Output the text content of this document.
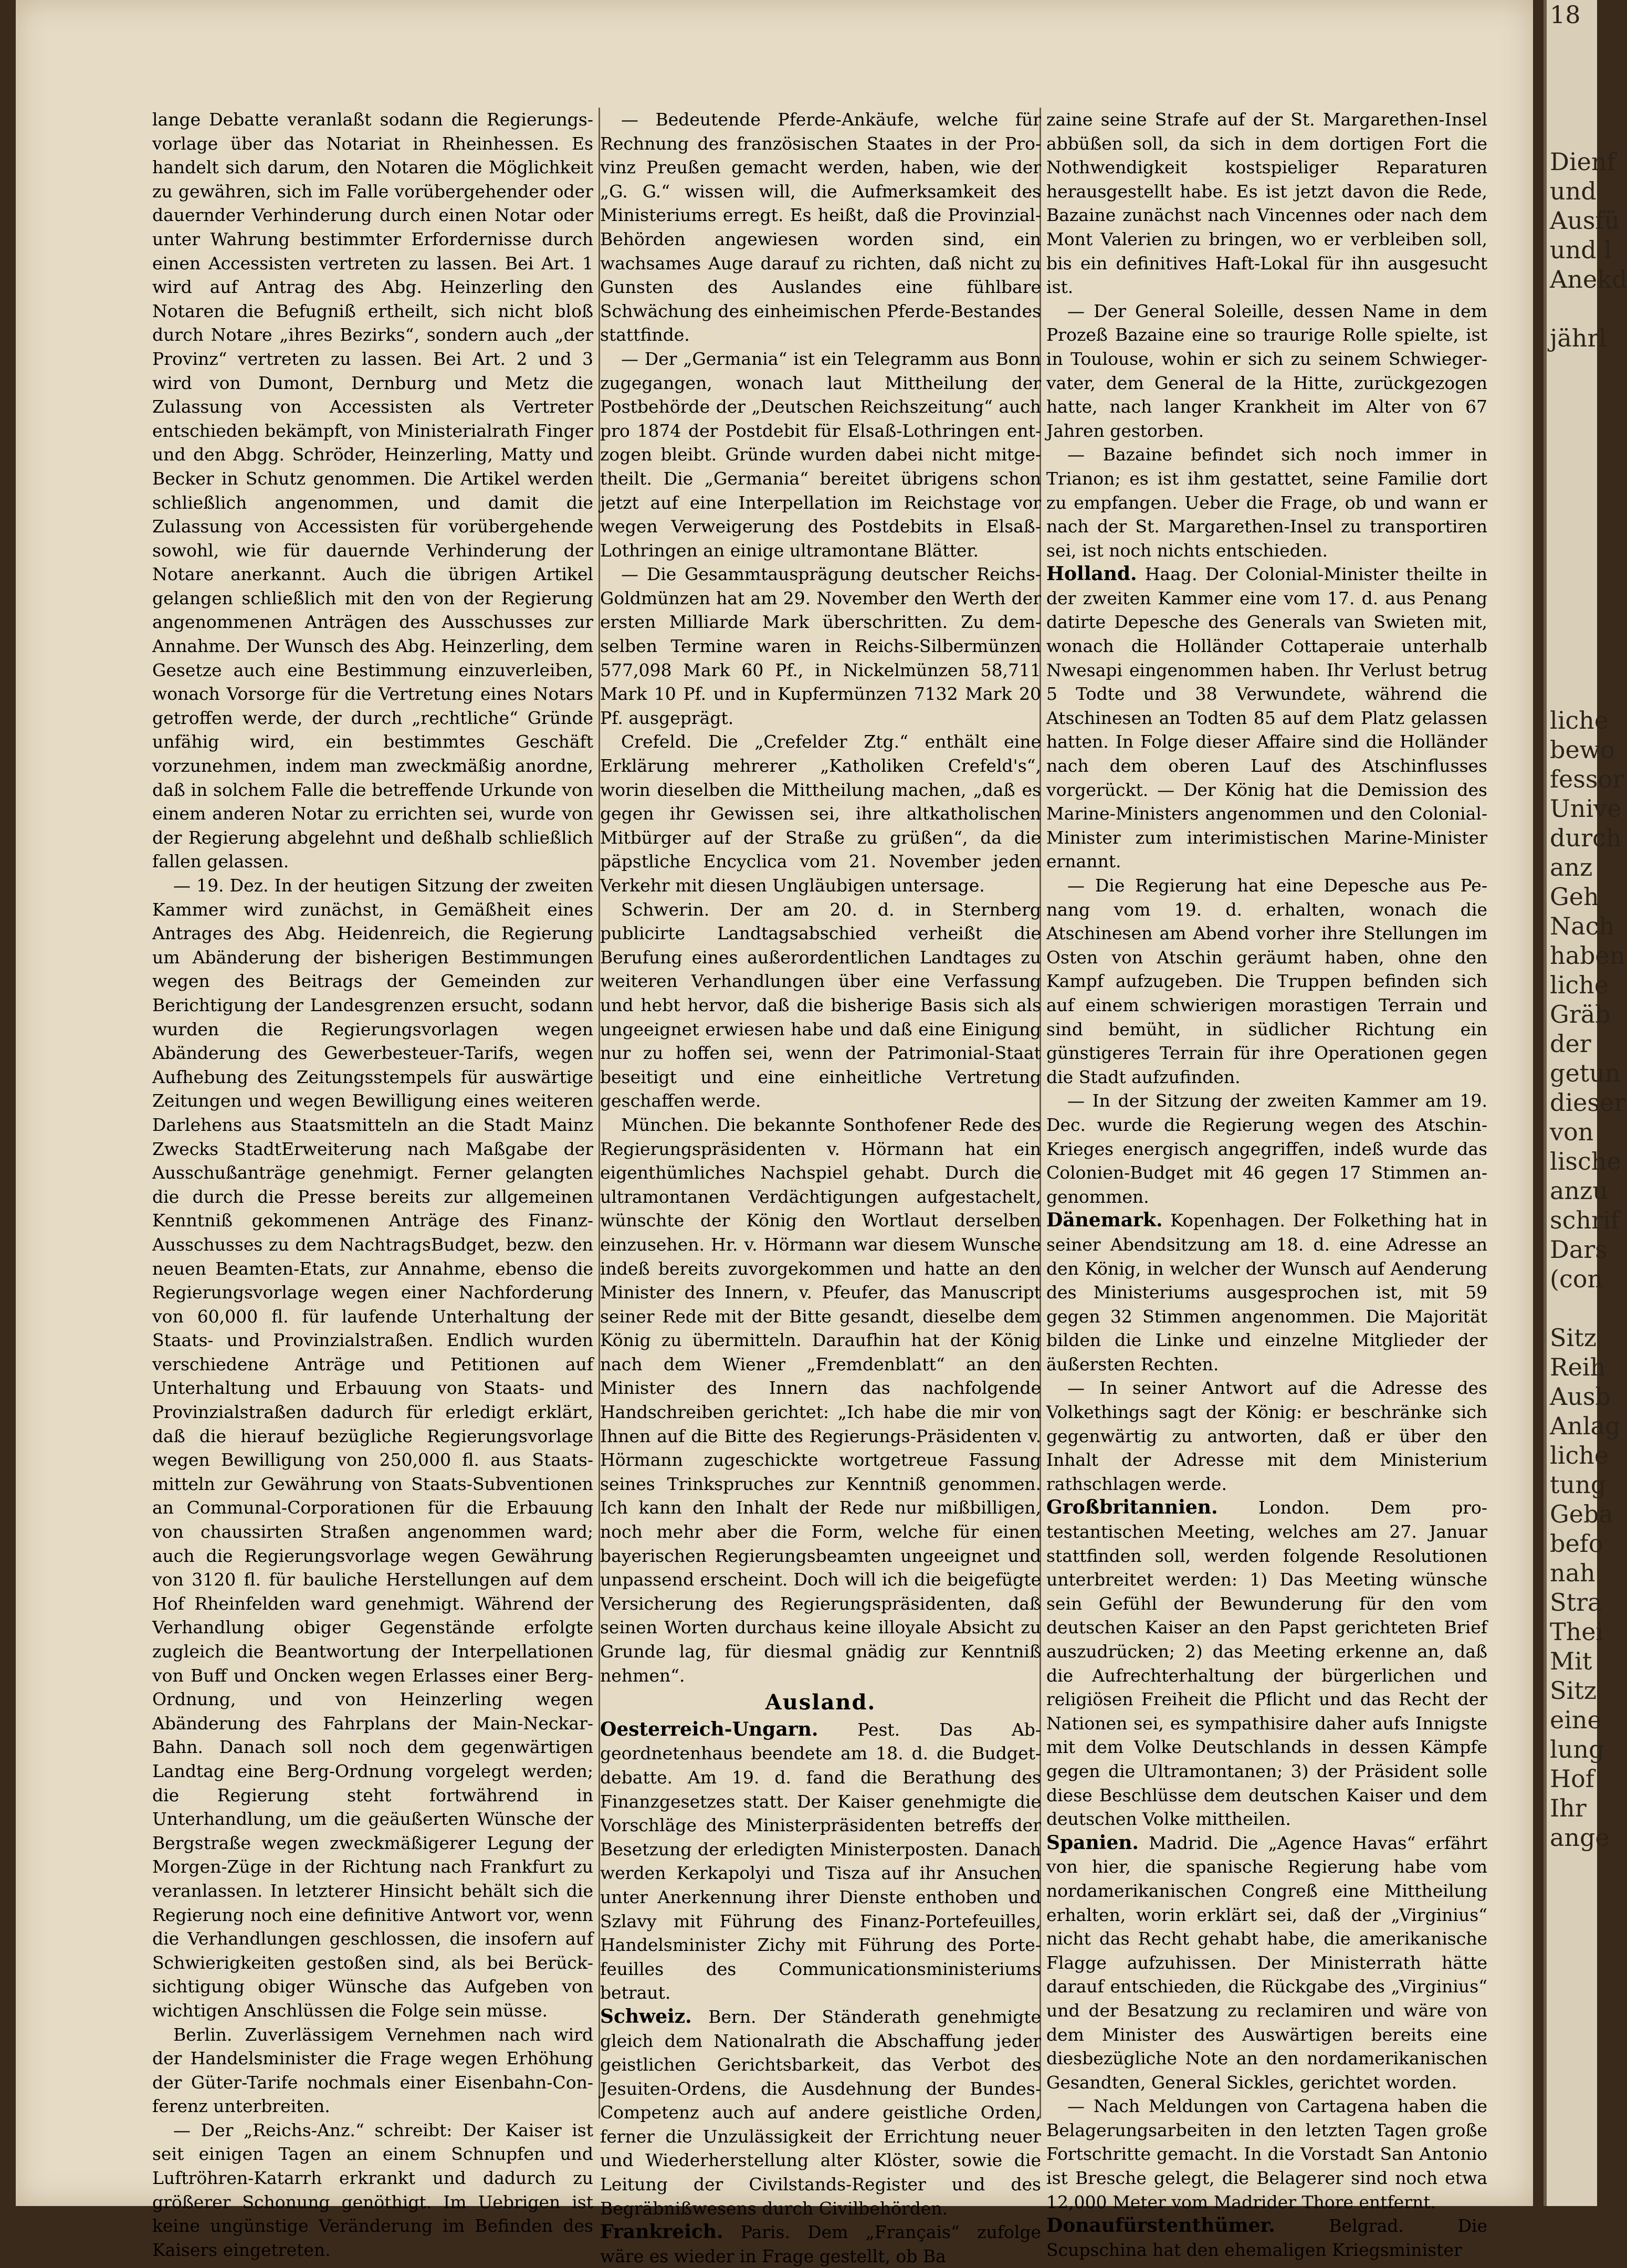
lange Debatte veranlaßt sodann die Regierungsvorlage über das Notariat in Rheinhessen. Es handelt sich darum, den Notaren die Möglichkeit zu gewähren, sich im Falle vorübergehender oder dauernder Verhinderung durch einen Notar oder unter Wahrung bestimmter Erfordernisse durch einen Accessisten vertreten zu lassen. Bei Art. 1 wird auf Antrag des Abg. Heinzerling den Notaren die Befugniß ertheilt, sich nicht bloß durch Notare „ihres Bezirks“, sondern auch „der Provinz“ vertreten zu lassen. Bei Art. 2 und 3 wird von Dumont, Dernburg und Metz die Zulassung von Accessisten als Vertreter entschieden bekämpft, von Ministerialrath Finger und den Abgg. Schröder, Heinzerling, Matty und Becker in Schutz genommen. Die Artikel werden schließlich angenommen, und damit die Zulassung von Accessisten für vorübergehende sowohl, wie für dauernde Verhinderung der Notare anerkannt. Auch die übrigen Artikel gelangen schließlich mit den von der Regierung angenommenen Anträgen des Ausschusses zur Annahme. Der Wunsch des Abg. Heinzerling, dem Gesetze auch eine Bestimmung einzuverleiben, wonach Vorsorge für die Vertretung eines Notars getroffen werde, der durch „rechtliche“ Gründe unfähig wird, ein bestimmtes Geschäft vorzunehmen, indem man zweckmäßig anordne, daß in solchem Falle die betreffende Urkunde von einem anderen Notar zu errichten sei, wurde von der Regierung abgelehnt und deßhalb schließlich fallen gelassen.

— 19. Dez. In der heutigen Sitzung der zweiten Kammer wird zunächst, in Gemäßheit eines Antrages des Abg. Heidenreich, die Regierung um Abänderung der bisherigen Bestimmungen wegen des Beitrags der Gemeinden zur Berichtigung der Landesgrenzen ersucht, sodann wurden die Regierungsvorlagen wegen Abänderung des Gewerbesteuer-Tarifs, wegen Aufhebung des Zeitungsstempels für auswärtige Zeitungen und wegen Bewilligung eines weiteren Darlehens aus Staatsmitteln an die Stadt Mainz Zwecks StadtErweiterung nach Maßgabe der Ausschußanträge genehmigt. Ferner gelangten die durch die Presse bereits zur allgemeinen Kenntniß gekommenen Anträge des Finanz-Ausschusses zu dem NachtragsBudget, bezw. den neuen Beamten-Etats, zur Annahme, ebenso die Regierungsvorlage wegen einer Nachforderung von 60,000 fl. für laufende Unterhaltung der Staats- und Provinzialstraßen. Endlich wurden verschiedene Anträge und Petitionen auf Unterhaltung und Erbauung von Staats- und Provinzialstraßen dadurch für erledigt erklärt, daß die hierauf bezügliche Regierungsvorlage wegen Bewilligung von 250,000 fl. aus Staatsmitteln zur Gewährung von Staats-Subventionen an Communal-Corporationen für die Erbauung von chaussirten Straßen angenommen ward; auch die Regierungsvorlage wegen Gewährung von 3120 fl. für bauliche Herstellungen auf dem Hof Rheinfelden ward genehmigt. Während der Verhandlung obiger Gegenstände erfolgte zugleich die Beantwortung der Interpellationen von Buff und Oncken wegen Erlasses einer Berg-Ordnung, und von Heinzerling wegen Abänderung des Fahrplans der Main-Neckar-Bahn. Danach soll noch dem gegenwärtigen Landtag eine Berg-Ordnung vorgelegt werden; die Regierung steht fortwährend in Unterhandlung, um die geäußerten Wünsche der Bergstraße wegen zweckmäßigerer Legung der Morgen-Züge in der Richtung nach Frankfurt zu veranlassen. In letzterer Hinsicht behält sich die Regierung noch eine definitive Antwort vor, wenn die Verhandlungen geschlossen, die insofern auf Schwierigkeiten gestoßen sind, als bei Berücksichtigung obiger Wünsche das Aufgeben von wichtigen Anschlüssen die Folge sein müsse.

Berlin. Zuverlässigem Vernehmen nach wird der Handelsminister die Frage wegen Erhöhung der Güter-Tarife nochmals einer Eisenbahn-Conferenz unterbreiten.

— Der „Reichs-Anz.“ schreibt: Der Kaiser ist seit einigen Tagen an einem Schnupfen und Luftröhren-Katarrh erkrankt und dadurch zu größerer Schonung genöthigt. Im Uebrigen ist keine ungünstige Veränderung im Befinden des Kaisers eingetreten.

— Bedeutende Pferde-Ankäufe, welche für Rechnung des französischen Staates in der Provinz Preußen gemacht werden, haben, wie der „G. G.“ wissen will, die Aufmerksamkeit des Ministeriums erregt. Es heißt, daß die ProvinzialBehörden angewiesen worden sind, ein wachsames Auge darauf zu richten, daß nicht zu Gunsten des Auslandes eine fühlbare Schwächung des einheimischen Pferde-Bestandes stattfinde.

— Der „Germania“ ist ein Telegramm aus Bonn zugegangen, wonach laut Mittheilung der Postbehörde der „Deutschen Reichszeitung“ auch pro 1874 der Postdebit für Elsaß-Lothringen entzogen bleibt. Gründe wurden dabei nicht mitgetheilt. Die „Germania“ bereitet übrigens schon jetzt auf eine Interpellation im Reichstage vor wegen Verweigerung des Postdebits in ElsaßLothringen an einige ultramontane Blätter.

— Die Gesammtausprägung deutscher ReichsGoldmünzen hat am 29. November den Werth der ersten Milliarde Mark überschritten. Zu demselben Termine waren in Reichs-Silbermünzen 577,098 Mark 60 Pf., in Nickelmünzen 58,711 Mark 10 Pf. und in Kupfermünzen 7132 Mark 20 Pf. ausgeprägt.

Crefeld. Die „Crefelder Ztg.“ enthält eine Erklärung mehrerer „Katholiken Crefeld's“, worin dieselben die Mittheilung machen, „daß es gegen ihr Gewissen sei, ihre altkatholischen Mitbürger auf der Straße zu grüßen“, da die päpstliche Encyclica vom 21. November jeden Verkehr mit diesen Ungläubigen untersage.

Schwerin. Der am 20. d. in Sternberg publicirte Landtagsabschied verheißt die Berufung eines außerordentlichen Landtages zu weiteren Verhandlungen über eine Verfassung und hebt hervor, daß die bisherige Basis sich als ungeeignet erwiesen habe und daß eine Einigung nur zu hoffen sei, wenn der Patrimonial-Staat beseitigt und eine einheitliche Vertretung geschaffen werde.

München. Die bekannte Sonthofener Rede des Regierungspräsidenten v. Hörmann hat ein eigenthümliches Nachspiel gehabt. Durch die ultramontanen Verdächtigungen aufgestachelt, wünschte der König den Wortlaut derselben einzusehen. Hr. v. Hörmann war diesem Wunsche indeß bereits zuvorgekommen und hatte an den Minister des Innern, v. Pfeufer, das Manuscript seiner Rede mit der Bitte gesandt, dieselbe dem König zu übermitteln. Daraufhin hat der König nach dem Wiener „Fremdenblatt“ an den Minister des Innern das nachfolgende Handschreiben gerichtet: „Ich habe die mir von Ihnen auf die Bitte des Regierungs-Präsidenten v. Hörmann zugeschickte wortgetreue Fassung seines Trinkspruches zur Kenntniß genommen. Ich kann den Inhalt der Rede nur mißbilligen, noch mehr aber die Form, welche für einen bayerischen Regierungsbeamten ungeeignet und unpassend erscheint. Doch will ich die beigefügte Versicherung des Regierungspräsidenten, daß seinen Worten durchaus keine illoyale Absicht zu Grunde lag, für diesmal gnädig zur Kenntniß nehmen“.

Ausland.

Oesterreich-Ungarn. Pest. Das Abgeordnetenhaus beendete am 18. d. die Budgetdebatte. Am 19. d. fand die Berathung des Finanzgesetzes statt. Der Kaiser genehmigte die Vorschläge des Ministerpräsidenten betreffs der Besetzung der erledigten Ministerposten. Danach werden Kerkapolyi und Tisza auf ihr Ansuchen unter Anerkennung ihrer Dienste enthoben und Szlavy mit Führung des Finanz-Portefeuilles, Handelsminister Zichy mit Führung des Portefeuilles des Communicationsministeriums betraut.

Schweiz. Bern. Der Ständerath genehmigte gleich dem Nationalrath die Abschaffung jeder geistlichen Gerichtsbarkeit, das Verbot des Jesuiten-Ordens, die Ausdehnung der BundesCompetenz auch auf andere geistliche Orden, ferner die Unzulässigkeit der Errichtung neuer und Wiederherstellung alter Klöster, sowie die Leitung der Civilstands-Register und des Begräbnißwesens durch Civilbehörden.

Frankreich. Paris. Dem „Français“ zufolge wäre es wieder in Frage gestellt, ob Ba

zaine seine Strafe auf der St. Margarethen-Insel abbüßen soll, da sich in dem dortigen Fort die Nothwendigkeit kostspieliger Reparaturen herausgestellt habe. Es ist jetzt davon die Rede, Bazaine zunächst nach Vincennes oder nach dem Mont Valerien zu bringen, wo er verbleiben soll, bis ein definitives Haft-Lokal für ihn ausgesucht ist.

— Der General Soleille, dessen Name in dem Prozeß Bazaine eine so traurige Rolle spielte, ist in Toulouse, wohin er sich zu seinem Schwiegervater, dem General de la Hitte, zurückgezogen hatte, nach langer Krankheit im Alter von 67 Jahren gestorben.

— Bazaine befindet sich noch immer in Trianon; es ist ihm gestattet, seine Familie dort zu empfangen. Ueber die Frage, ob und wann er nach der St. Margarethen-Insel zu transportiren sei, ist noch nichts entschieden.

Holland. Haag. Der Colonial-Minister theilte in der zweiten Kammer eine vom 17. d. aus Penang datirte Depesche des Generals van Swieten mit, wonach die Holländer Cottaperaie unterhalb Nwesapi eingenommen haben. Ihr Verlust betrug 5 Todte und 38 Verwundete, während die Atschinesen an Todten 85 auf dem Platz gelassen hatten. In Folge dieser Affaire sind die Holländer nach dem oberen Lauf des Atschinflusses vorgerückt. — Der König hat die Demission des Marine-Ministers angenommen und den ColonialMinister zum interimistischen Marine-Minister ernannt.

— Die Regierung hat eine Depesche aus Penang vom 19. d. erhalten, wonach die Atschinesen am Abend vorher ihre Stellungen im Osten von Atschin geräumt haben, ohne den Kampf aufzugeben. Die Truppen befinden sich auf einem schwierigen morastigen Terrain und sind bemüht, in südlicher Richtung ein günstigeres Terrain für ihre Operationen gegen die Stadt aufzufinden.

— In der Sitzung der zweiten Kammer am 19. Dec. wurde die Regierung wegen des AtschinKrieges energisch angegriffen, indeß wurde das Colonien-Budget mit 46 gegen 17 Stimmen angenommen.

Dänemark. Kopenhagen. Der Folkething hat in seiner Abendsitzung am 18. d. eine Adresse an den König, in welcher der Wunsch auf Aenderung des Ministeriums ausgesprochen ist, mit 59 gegen 32 Stimmen angenommen. Die Majorität bilden die Linke und einzelne Mitglieder der äußersten Rechten.

— In seiner Antwort auf die Adresse des Volkethings sagt der König: er beschränke sich gegenwärtig zu antworten, daß er über den Inhalt der Adresse mit dem Ministerium rathschlagen werde.

Großbritannien. London. Dem protestantischen Meeting, welches am 27. Januar stattfinden soll, werden folgende Resolutionen unterbreitet werden: 1) Das Meeting wünsche sein Gefühl der Bewunderung für den vom deutschen Kaiser an den Papst gerichteten Brief auszudrücken; 2) das Meeting erkenne an, daß die Aufrechterhaltung der bürgerlichen und religiösen Freiheit die Pflicht und das Recht der Nationen sei, es sympathisire daher aufs Innigste mit dem Volke Deutschlands in dessen Kämpfe gegen die Ultramontanen; 3) der Präsident solle diese Beschlüsse dem deutschen Kaiser und dem deutschen Volke mittheilen.

Spanien. Madrid. Die „Agence Havas“ erfährt von hier, die spanische Regierung habe vom nordamerikanischen Congreß eine Mittheilung erhalten, worin erklärt sei, daß der „Virginius“ nicht das Recht gehabt habe, die amerikanische Flagge aufzuhissen. Der Ministerrath hätte darauf entschieden, die Rückgabe des „Virginius“ und der Besatzung zu reclamiren und wäre von dem Minister des Auswärtigen bereits eine diesbezügliche Note an den nordamerikanischen Gesandten, General Sickles, gerichtet worden.

— Nach Meldungen von Cartagena haben die Belagerungsarbeiten in den letzten Tagen große Fortschritte gemacht. In die Vorstadt San Antonio ist Bresche gelegt, die Belagerer sind noch etwa 12,000 Meter vom Madrider Thore entfernt.

Donaufürstenthümer. Belgrad. Die Scupschina hat den ehemaligen Kriegsminister

18

Dienf
und
Ausfü
und l
Anekd

jährl

liche
bewo
fessor
Unive
durch
anz
Geh
Nach
haben
liche
Gräb
der
getun
dieser
von
lische
anzu
schrif
Dars
(con

Sitz
Reih
Ausb
Anlag
liche
tung
Geba
befo
nah
Stra
Thei
Mit
Sitz
eine
lung
Hof
Ihr
ange
